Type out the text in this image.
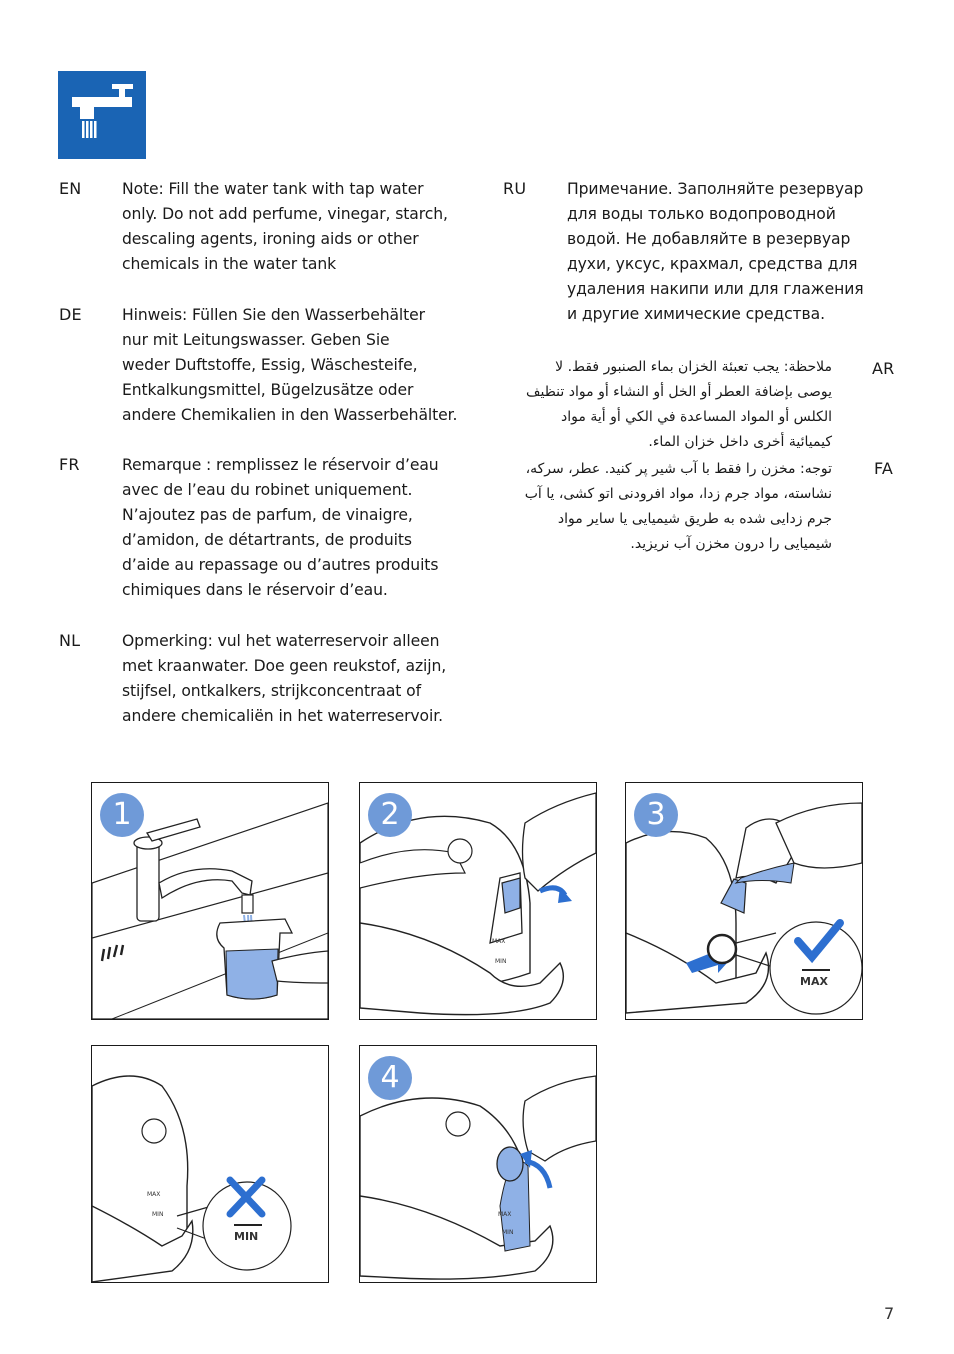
EN	Note: Fill the water tank with tap water
only. Do not add perfume, vinegar, starch,
descaling agents, ironing aids or other
chemicals in the water tank
DE	Hinweis: Füllen Sie den Wasserbehälter
nur mit Leitungswasser. Geben Sie
weder Duftstoffe, Essig, Wäschesteife,
Entkalkungsmittel, Bügelzusätze oder
andere Chemikalien in den Wasserbehälter.
FR	Remarque : remplissez le réservoir d’eau
avec de l’eau du robinet uniquement.
N’ajoutez pas de parfum, de vinaigre,
d’amidon, de détartrants, de produits
d’aide au repassage ou d’autres produits
chimiques dans le réservoir d’eau.
NL	Opmerking: vul het waterreservoir alleen
met kraanwater. Doe geen reukstof, azijn,
stijfsel, ontkalkers, strijkconcentraat of
andere chemicaliën in het waterreservoir.
RU	Примечание. Заполняйте резервуар
для воды только водопроводной
водой. Не добавляйте в резервуар
духи, уксус, крахмал, средства для
удаления накипи или для глажения
и другие химические средства.
AR
ملاحظة: يجب تعبئة الخزان بماء الصنبور فقط. لا
يوصى بإضافة العطر أو الخل أو النشاء أو مواد تنظيف
الكلس أو المواد المساعدة في الكي أو أية مواد
كيميائية أخرى داخل خزان الماء.
FA
توجه: مخزن را فقط با آب شیر پر کنید. عطر، سرکه،
نشاسته، مواد جرم زدا، مواد افرودنی اتو کشی، یا آب
جرم زدایی شده به طریق شیمیایی یا سایر مواد
شیمیایی را درون مخزن آب نریزید.
1
MAX
MIN
2
MAX
3
MAX
MIN
MIN
MAX
MIN
4
7
